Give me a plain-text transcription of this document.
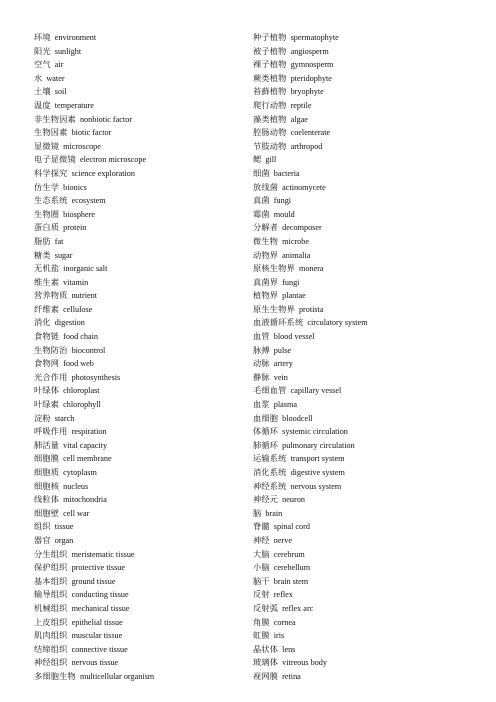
环境 environment
阳光 sunlight
空气 air
水 water
土壤 soil
温度 temperature
非生物因素 nonbiotic factor
生物因素 biotic factor
显微镜 microscope
电子显微镜 electron microscope
科学探究 science exploration
仿生学 bionics
生态系统 ecosystem
生物圈 biosphere
蛋白质 protein
脂肪 fat
糖类 sugar
无机盐 inorganic salt
维生素 vitamin
营养物质 nutrient
纤维素 cellulose
消化 digestion
食物链 food chain
生物防治 biocontrol
食物网 food web
光合作用 photosynthesis
叶绿体 chloroplast
叶绿素 chlorophyll
淀粉 starch
呼吸作用 respiration
肺活量 vital capacity
细胞膜 cell membrane
细胞质 cytoplasm
细胞核 nucleus
线粒体 mitochondria
细胞壁 cell war
组织 tissue
器官 organ
分生组织 meristematic tissue
保护组织 protective tissue
基本组织 ground tissue
输导组织 conducting tissue
机械组织 mechanical tissue
上皮组织 epithelial tissue
肌肉组织 muscular tissue
结缔组织 connective tissue
神经组织 nervous tissue
多细胞生物 multicellular organism
种子植物 spermatophyte
被子植物 angiosperm
裸子植物 gymnosperm
蕨类植物 pteridophyte
苔藓植物 bryophyte
爬行动物 reptile
藻类植物 algae
腔肠动物 coelenterate
节肢动物 arthropod
鳃 gill
细菌 bacteria
放线菌 actinomycete
真菌 fungi
霉菌 mould
分解者 decomposer
微生物 microbe
动物界 animalia
原核生物界 monera
真菌界 fungi
植物界 plantae
原生生物界 protista
血液循环系统 circulatory system
血管 blood vessel
脉搏 pulse
动脉 artery
静脉 vein
毛细血管 capillary vessel
血浆 plasma
血细胞 bloodcell
体循环 systemic circulation
肺循环 pulmonary circulation
运输系统 transport system
消化系统 digestive system
神经系统 nervous system
神经元 neuron
脑 brain
脊髓 spinal cord
神经 nerve
大脑 cerebrum
小脑 cerebellum
脑干 brain stem
反射 reflex
反射弧 reflex arc
角膜 cornea
虹膜 iris
晶状体 lens
玻璃体 vitreous body
视网膜 retina
